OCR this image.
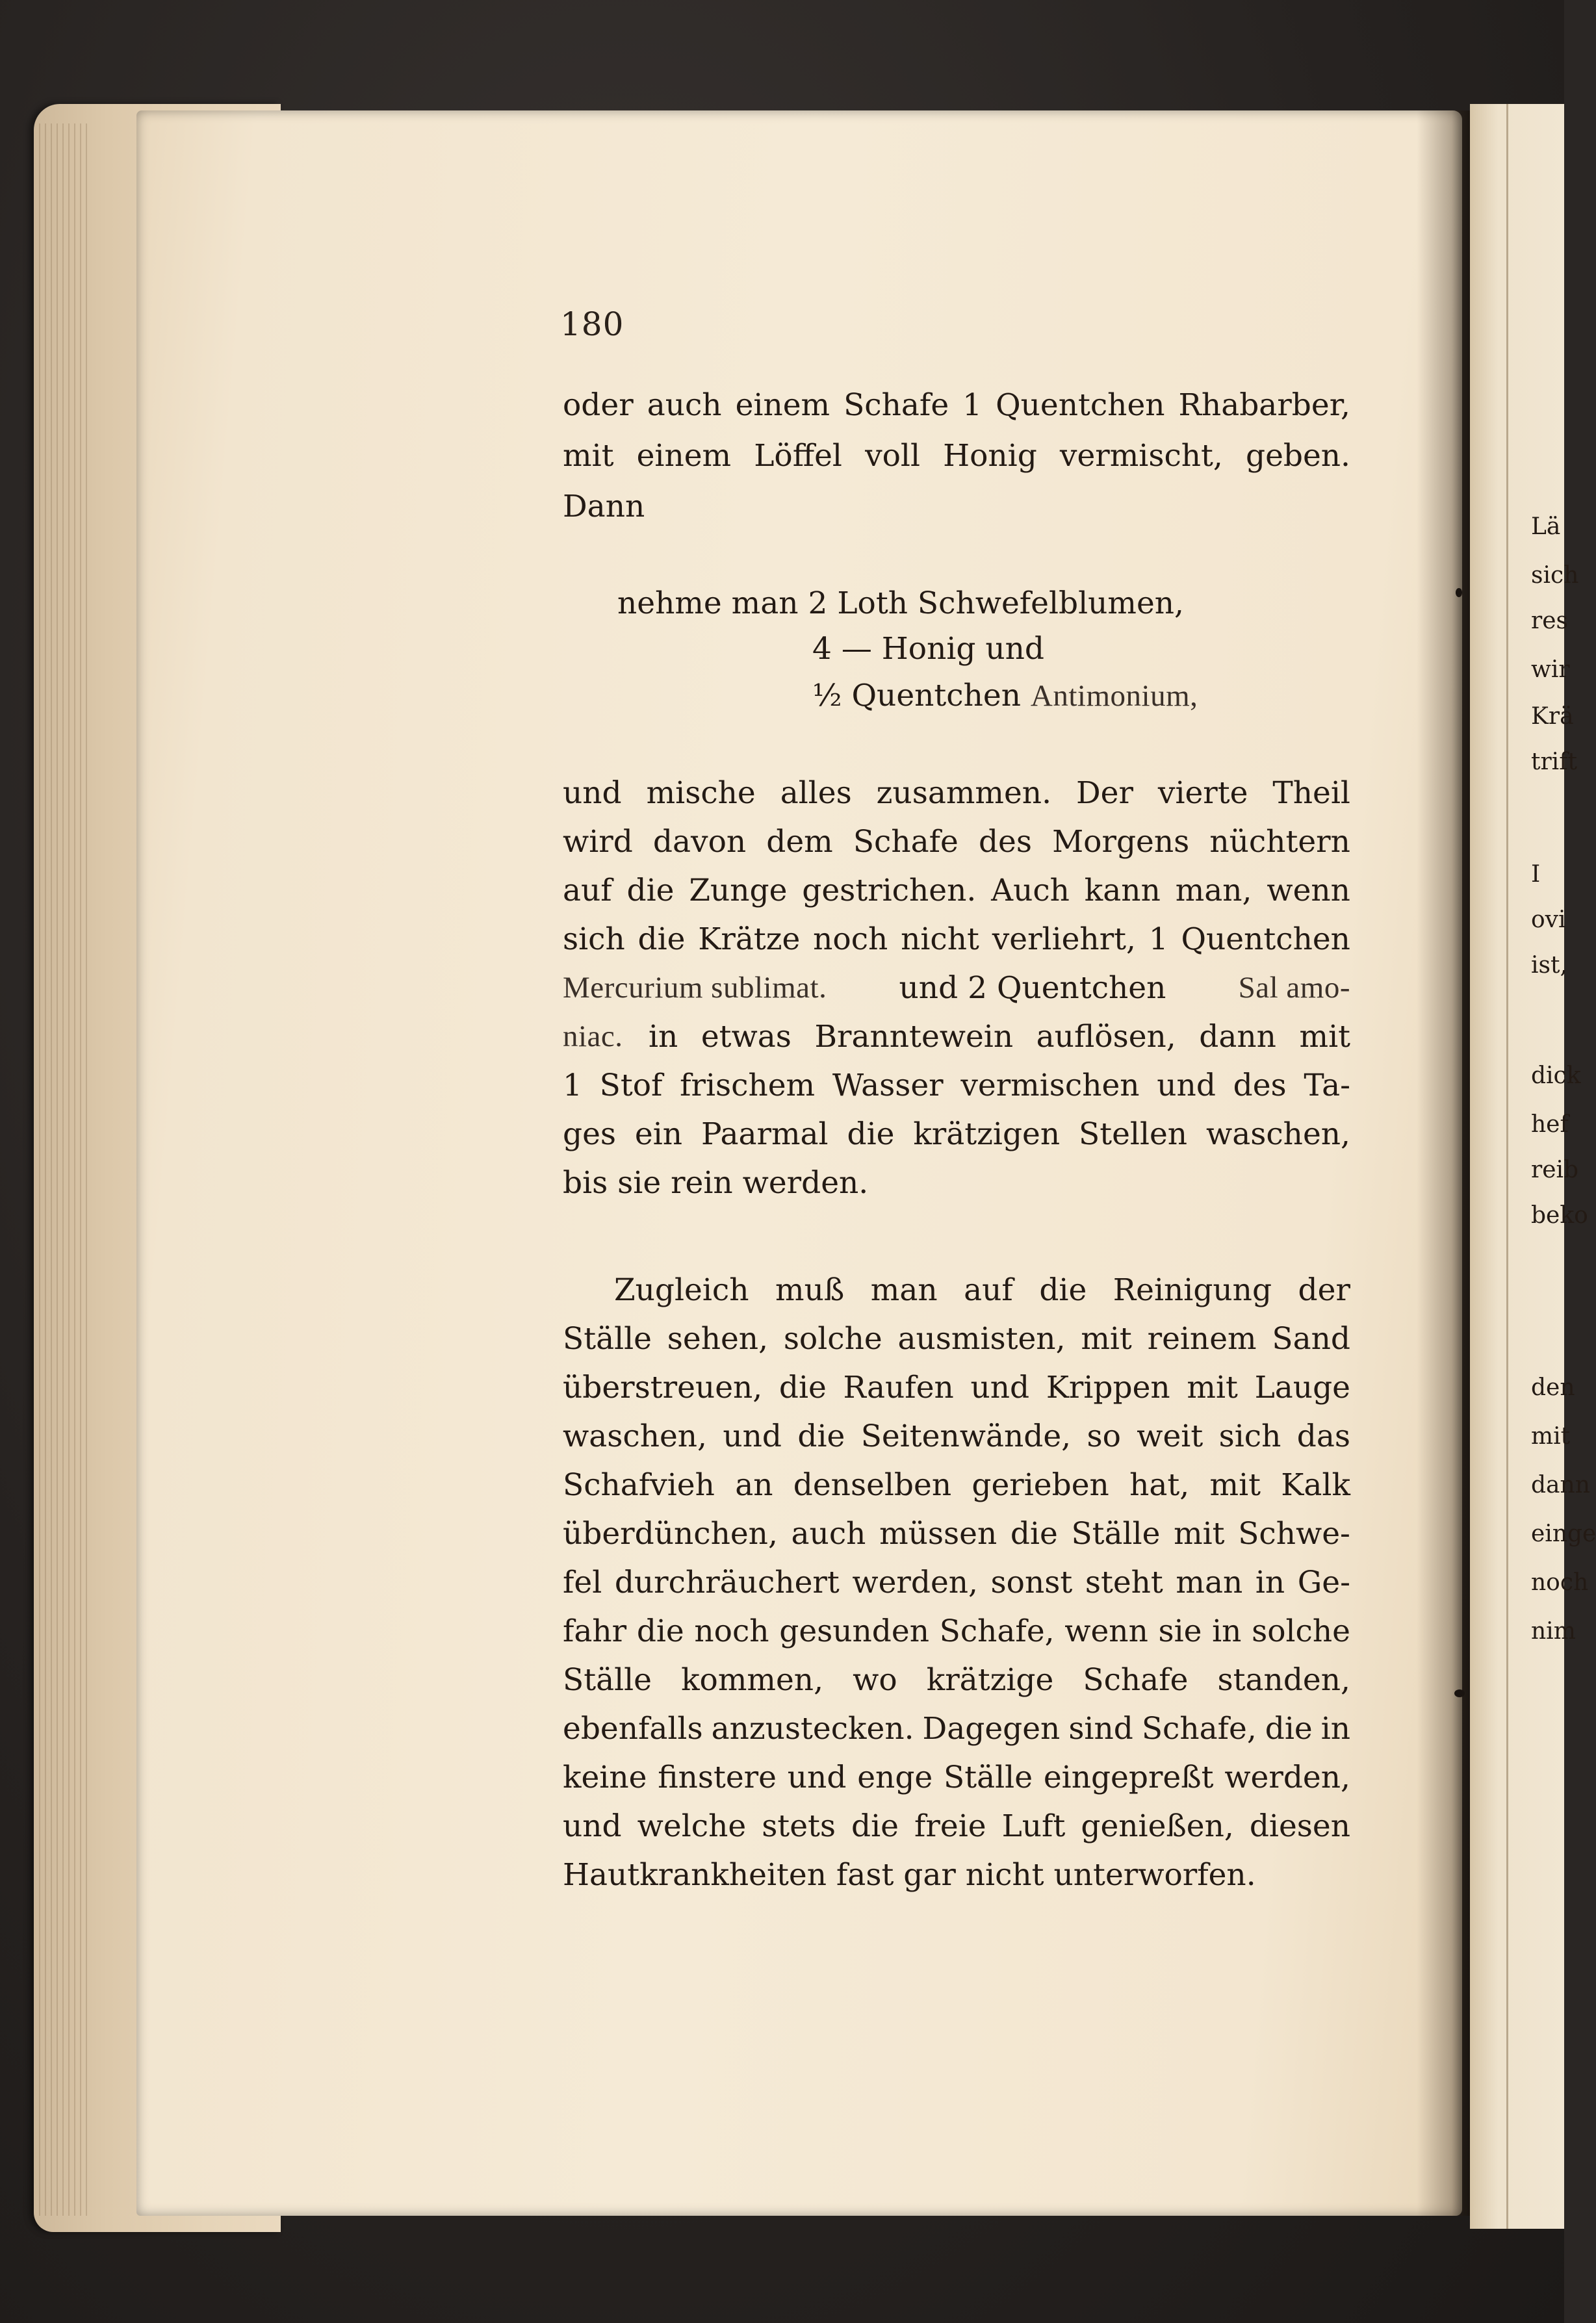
180
oder auch einem Schafe 1 Quentchen Rhabarber,
mit einem Löffel voll Honig vermischt, geben.
Dann
nehme man 2 Loth Schwefelblumen,
4 — Honig und
½ Quentchen Antimonium,
und mische alles zusammen. Der vierte Theil
wird davon dem Schafe des Morgens nüchtern
auf die Zunge gestrichen. Auch kann man, wenn
sich die Krätze noch nicht verliehrt, 1 Quentchen
Mercurium sublimat. und 2 Quentchen Sal amo-
niac. in etwas Branntewein auflösen, dann mit
1 Stof frischem Wasser vermischen und des Ta-
ges ein Paarmal die krätzigen Stellen waschen,
bis sie rein werden.
Zugleich muß man auf die Reinigung der
Ställe sehen, solche ausmisten, mit reinem Sand
überstreuen, die Raufen und Krippen mit Lauge
waschen, und die Seitenwände, so weit sich das
Schafvieh an denselben gerieben hat, mit Kalk
überdünchen, auch müssen die Ställe mit Schwe-
fel durchräuchert werden, sonst steht man in Ge-
fahr die noch gesunden Schafe, wenn sie in solche
Ställe kommen, wo krätzige Schafe standen,
ebenfalls anzustecken. Dagegen sind Schafe, die in
keine finstere und enge Ställe eingepreßt werden,
und welche stets die freie Luft genießen, diesen
Hautkrankheiten fast gar nicht unterworfen.
Lä
sich
res
wir
Krä
trift
I
ovi
ist,
dick
hef
reib
beko
den
mit
dann
einge
noch
nim
